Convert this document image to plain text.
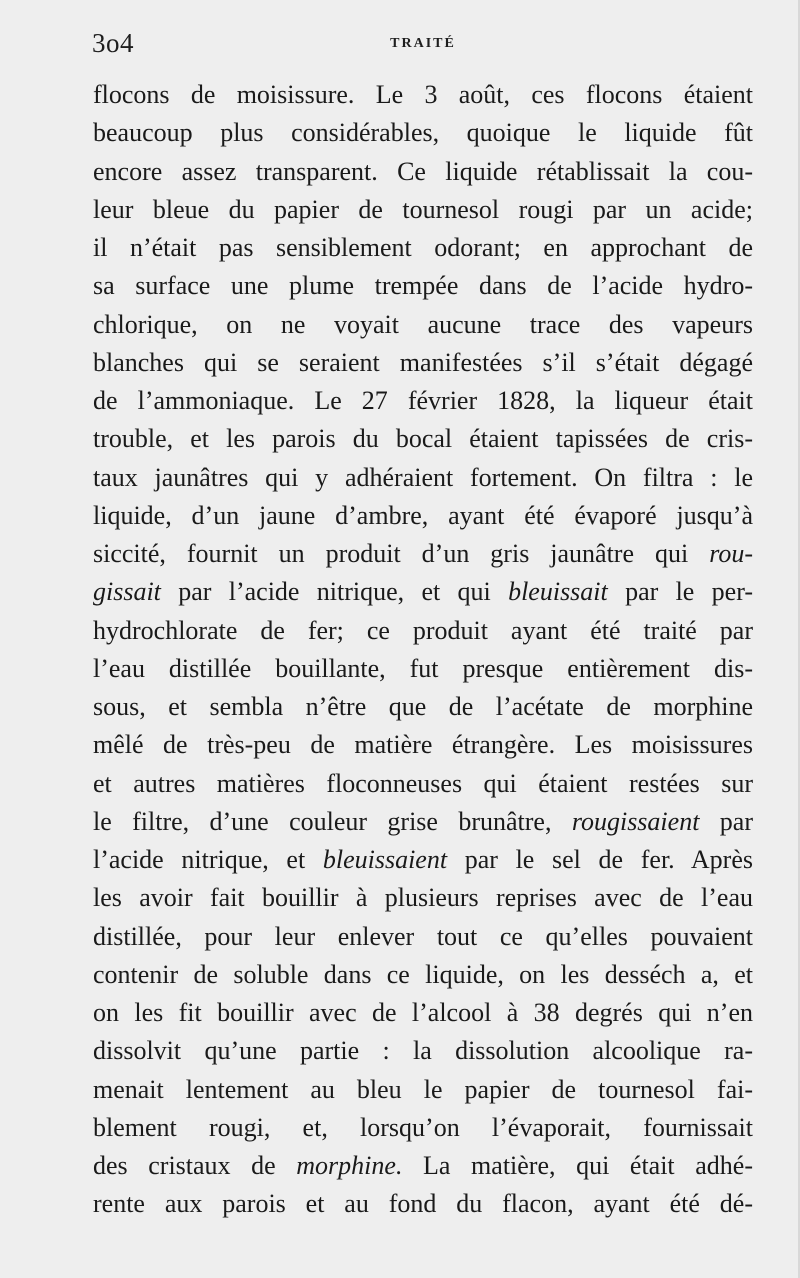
3o4	TRAITÉ
flocons de moisissure. Le 3 août, ces flocons étaient
beaucoup plus considérables, quoique le liquide fût
encore assez transparent. Ce liquide rétablissait la cou-
leur bleue du papier de tournesol rougi par un acide;
il n’était pas sensiblement odorant; en approchant de
sa surface une plume trempée dans de l’acide hydro-
chlorique, on ne voyait aucune trace des vapeurs
blanches qui se seraient manifestées s’il s’était dégagé
de l’ammoniaque. Le 27 février 1828, la liqueur était
trouble, et les parois du bocal étaient tapissées de cris-
taux jaunâtres qui y adhéraient fortement. On filtra : le
liquide, d’un jaune d’ambre, ayant été évaporé jusqu’à
siccité, fournit un produit d’un gris jaunâtre qui rou-
gissait par l’acide nitrique, et qui bleuissait par le per-
hydrochlorate de fer; ce produit ayant été traité par
l’eau distillée bouillante, fut presque entièrement dis-
sous, et sembla n’être que de l’acétate de morphine
mêlé de très-peu de matière étrangère. Les moisissures
et autres matières floconneuses qui étaient restées sur
le filtre, d’une couleur grise brunâtre, rougissaient par
l’acide nitrique, et bleuissaient par le sel de fer. Après
les avoir fait bouillir à plusieurs reprises avec de l’eau
distillée, pour leur enlever tout ce qu’elles pouvaient
contenir de soluble dans ce liquide, on les desséch a, et
on les fit bouillir avec de l’alcool à 38 degrés qui n’en
dissolvit qu’une partie : la dissolution alcoolique ra-
menait lentement au bleu le papier de tournesol fai-
blement rougi, et, lorsqu’on l’évaporait, fournissait
des cristaux de morphine. La matière, qui était adhé-
rente aux parois et au fond du flacon, ayant été dé-
